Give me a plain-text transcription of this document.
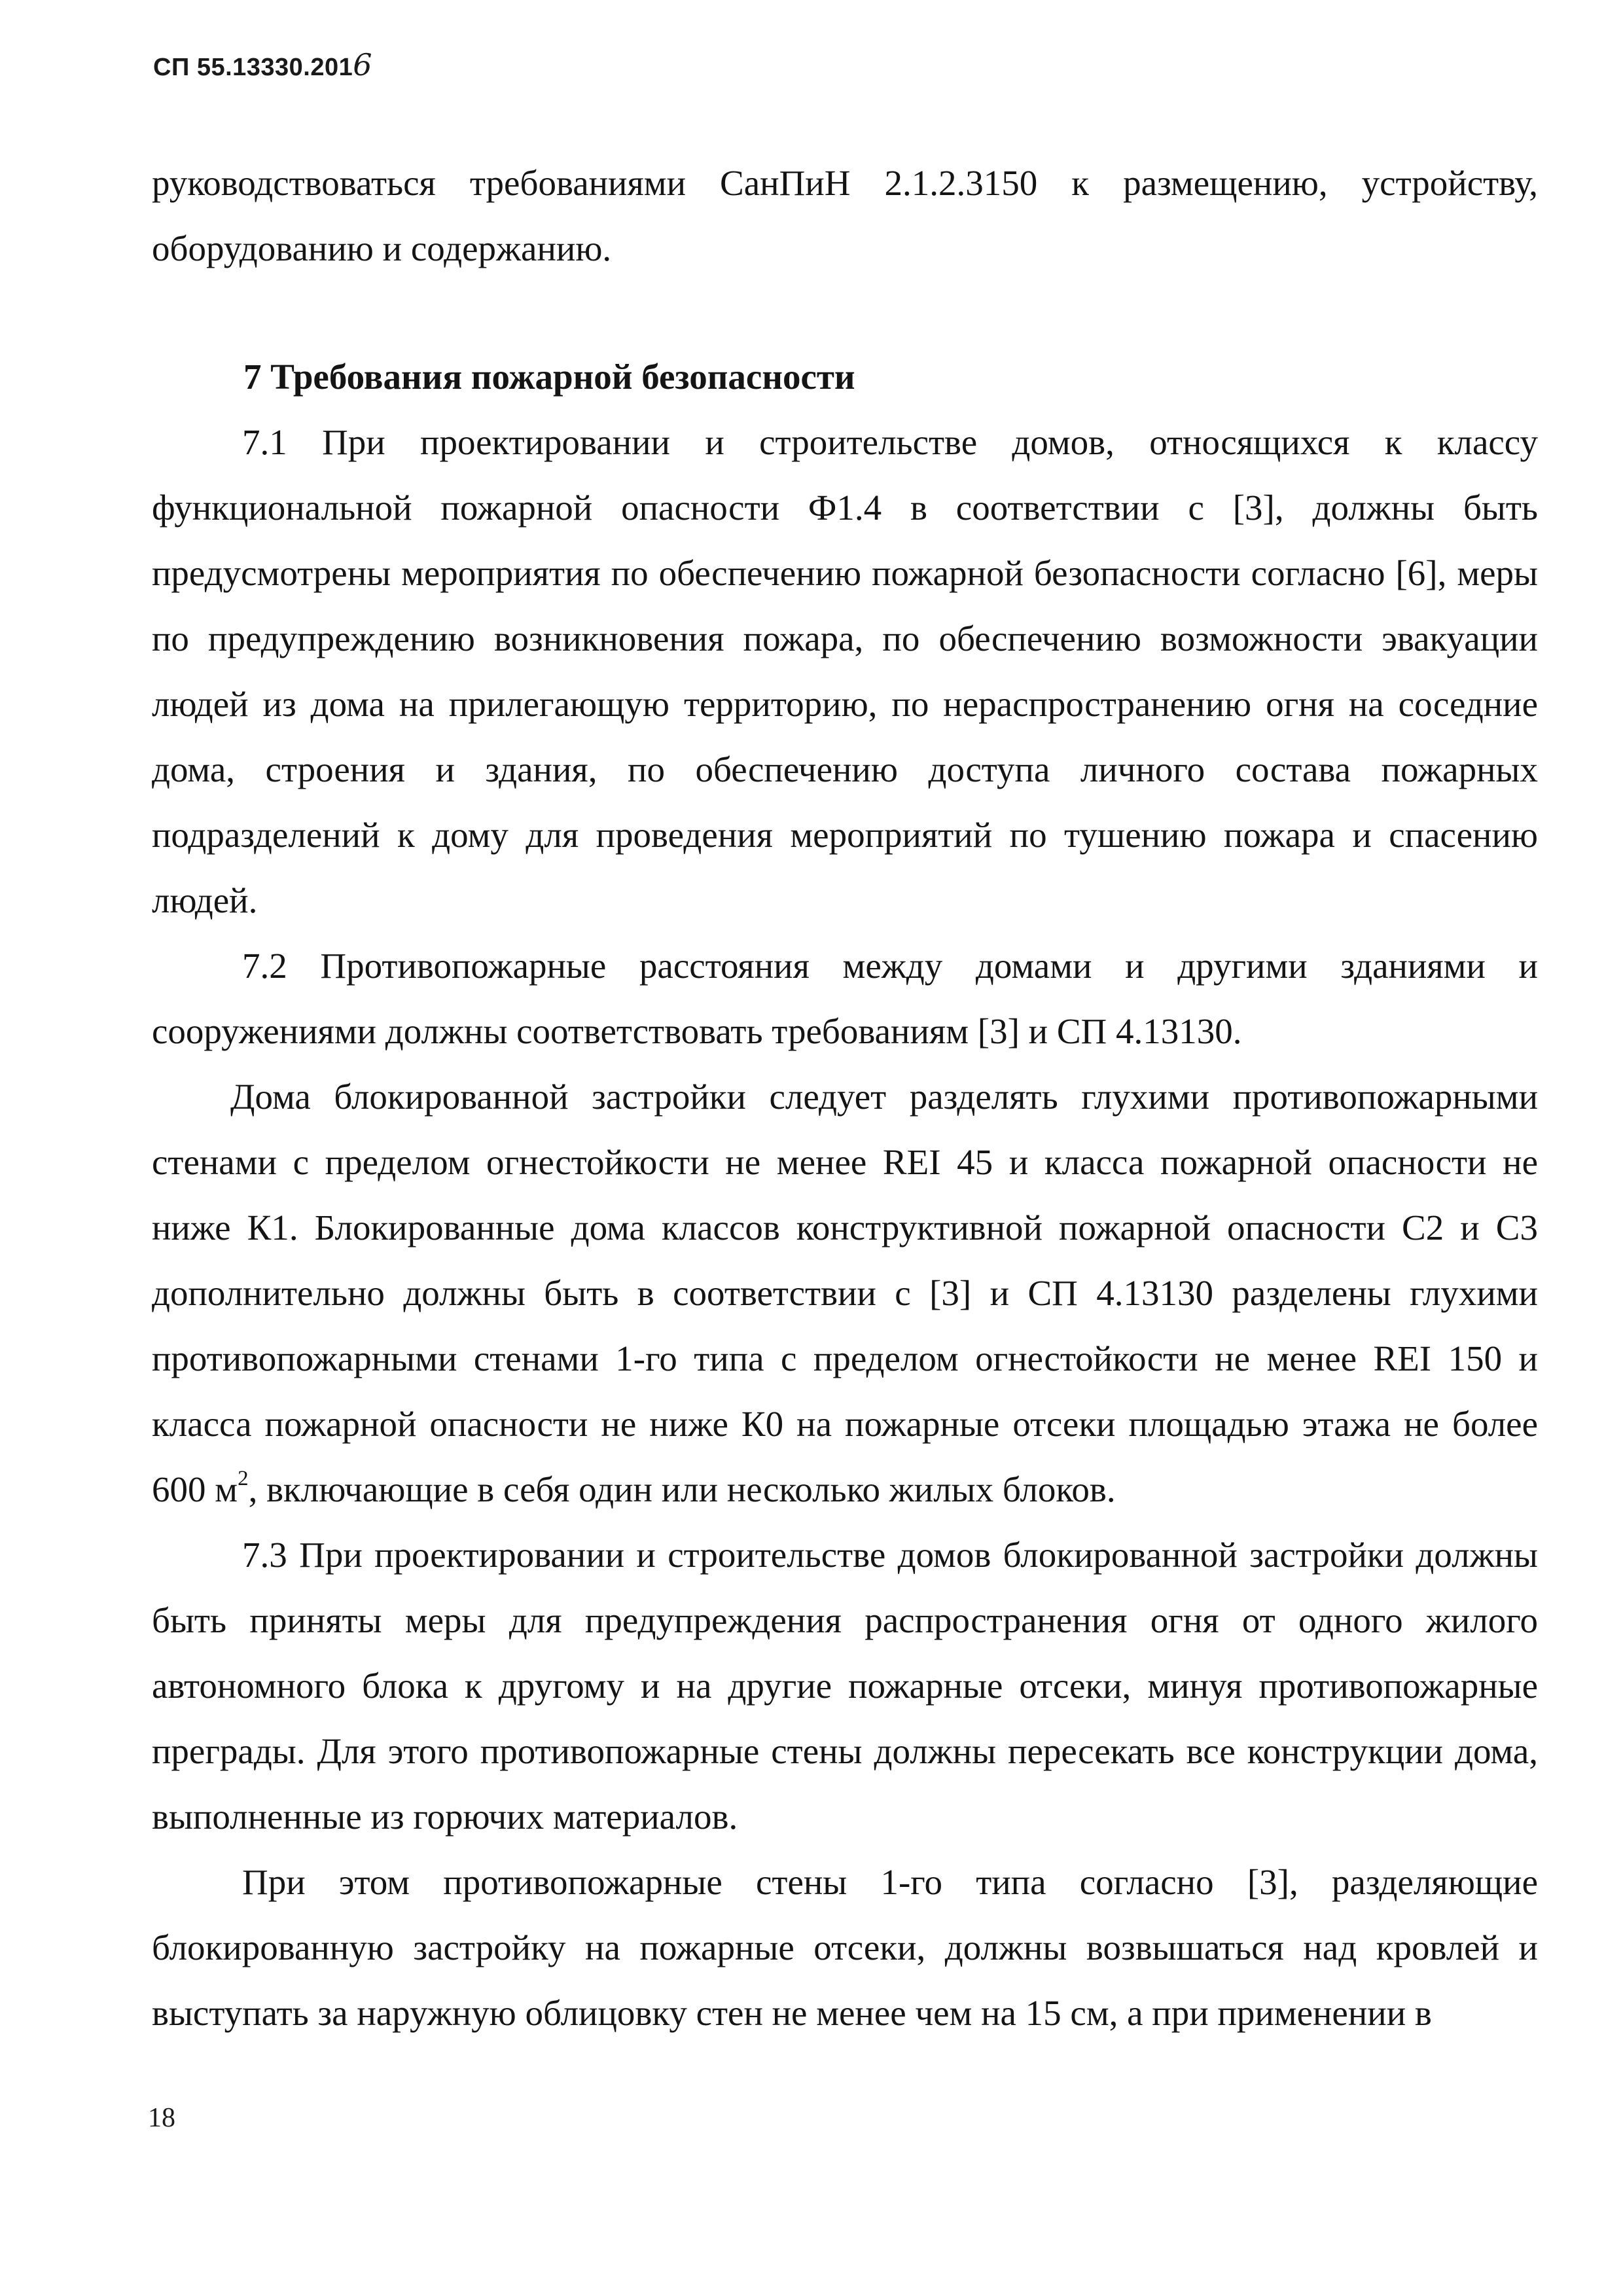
СП 55.13330.2016

руководствоваться требованиями СанПиН 2.1.2.3150 к размещению, устройству, оборудованию и содержанию.

7 Требования пожарной безопасности

7.1 При проектировании и строительстве домов, относящихся к классу функциональной пожарной опасности Ф1.4 в соответствии с [3], должны быть предусмотрены мероприятия по обеспечению пожарной безопасности согласно [6], меры по предупреждению возникновения пожара, по обеспечению возможности эвакуации людей из дома на прилегающую территорию, по нераспространению огня на соседние дома, строения и здания, по обеспечению доступа личного состава пожарных подразделений к дому для проведения мероприятий по тушению пожара и спасению людей.

7.2 Противопожарные расстояния между домами и другими зданиями и сооружениями должны соответствовать требованиям [3] и СП 4.13130.

Дома блокированной застройки следует разделять глухими противопожарными стенами с пределом огнестойкости не менее REI 45 и класса пожарной опасности не ниже К1. Блокированные дома классов конструктивной пожарной опасности С2 и С3 дополнительно должны быть в соответствии с [3] и СП 4.13130 разделены глухими противопожарными стенами 1-го типа с пределом огнестойкости не менее REI 150 и класса пожарной опасности не ниже К0 на пожарные отсеки площадью этажа не более 600 $м^2$, включающие в себя один или несколько жилых блоков.

7.3 При проектировании и строительстве домов блокированной застройки должны быть приняты меры для предупреждения распространения огня от одного жилого автономного блока к другому и на другие пожарные отсеки, минуя противопожарные преграды. Для этого противопожарные стены должны пересекать все конструкции дома, выполненные из горючих материалов.

При этом противопожарные стены 1-го типа согласно [3], разделяющие блокированную застройку на пожарные отсеки, должны возвышаться над кровлей и выступать за наружную облицовку стен не менее чем на 15 см, а при применении в

18
